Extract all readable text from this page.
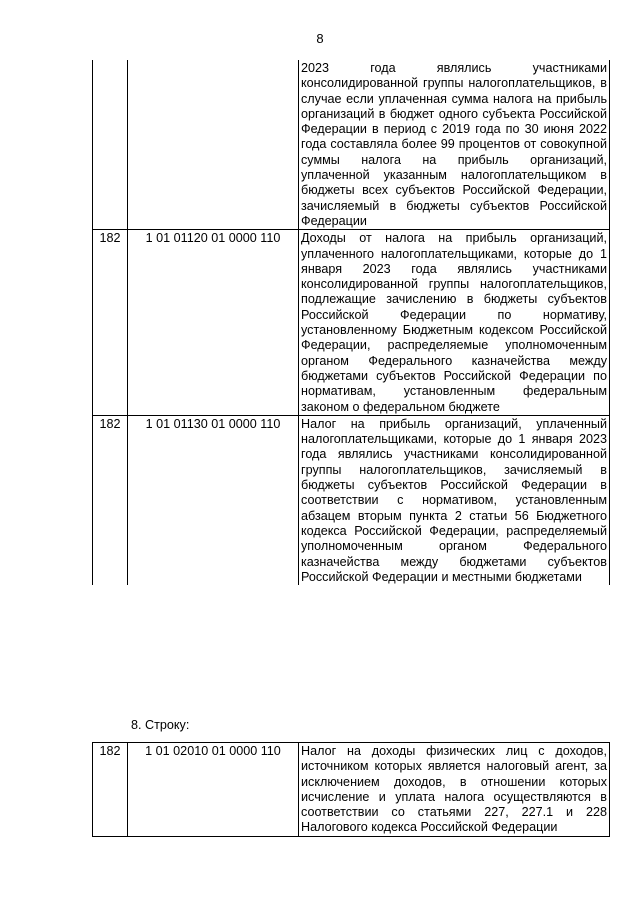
8
		2023 года являлись участниками консолидированной группы налогоплательщиков, в случае если уплаченная сумма налога на прибыль организаций в бюджет одного субъекта Российской Федерации в период с 2019 года по 30 июня 2022 года составляла более 99 процентов от совокупной суммы налога на прибыль организаций, уплаченной указанным налогоплательщиком в бюджеты всех субъектов Российской Федерации, зачисляемый в бюджеты субъектов Российской Федерации
182	1 01 01120 01 0000 110	Доходы от налога на прибыль организаций, уплаченного налогоплательщиками, которые до 1 января 2023 года являлись участниками консолидированной группы налогоплательщиков, подлежащие зачислению в бюджеты субъектов Российской Федерации по нормативу, установленному Бюджетным кодексом Российской Федерации, распределяемые уполномоченным органом Федерального казначейства между бюджетами субъектов Российской Федерации по нормативам, установленным федеральным законом о федеральном бюджете
182	1 01 01130 01 0000 110	Налог на прибыль организаций, уплаченный налогоплательщиками, которые до 1 января 2023 года являлись участниками консолидированной группы налогоплательщиков, зачисляемый в бюджеты субъектов Российской Федерации в соответствии с нормативом, установленным абзацем вторым пункта 2 статьи 56 Бюджетного кодекса Российской Федерации, распределяемый уполномоченным органом Федерального казначейства между бюджетами субъектов Российской Федерации и местными бюджетами
8. Строку:
182	1 01 02010 01 0000 110	Налог на доходы физических лиц с доходов, источником которых является налоговый агент, за исключением доходов, в отношении которых исчисление и уплата налога осуществляются в соответствии со статьями 227, 227.1 и 228 Налогового кодекса Российской Федерации
